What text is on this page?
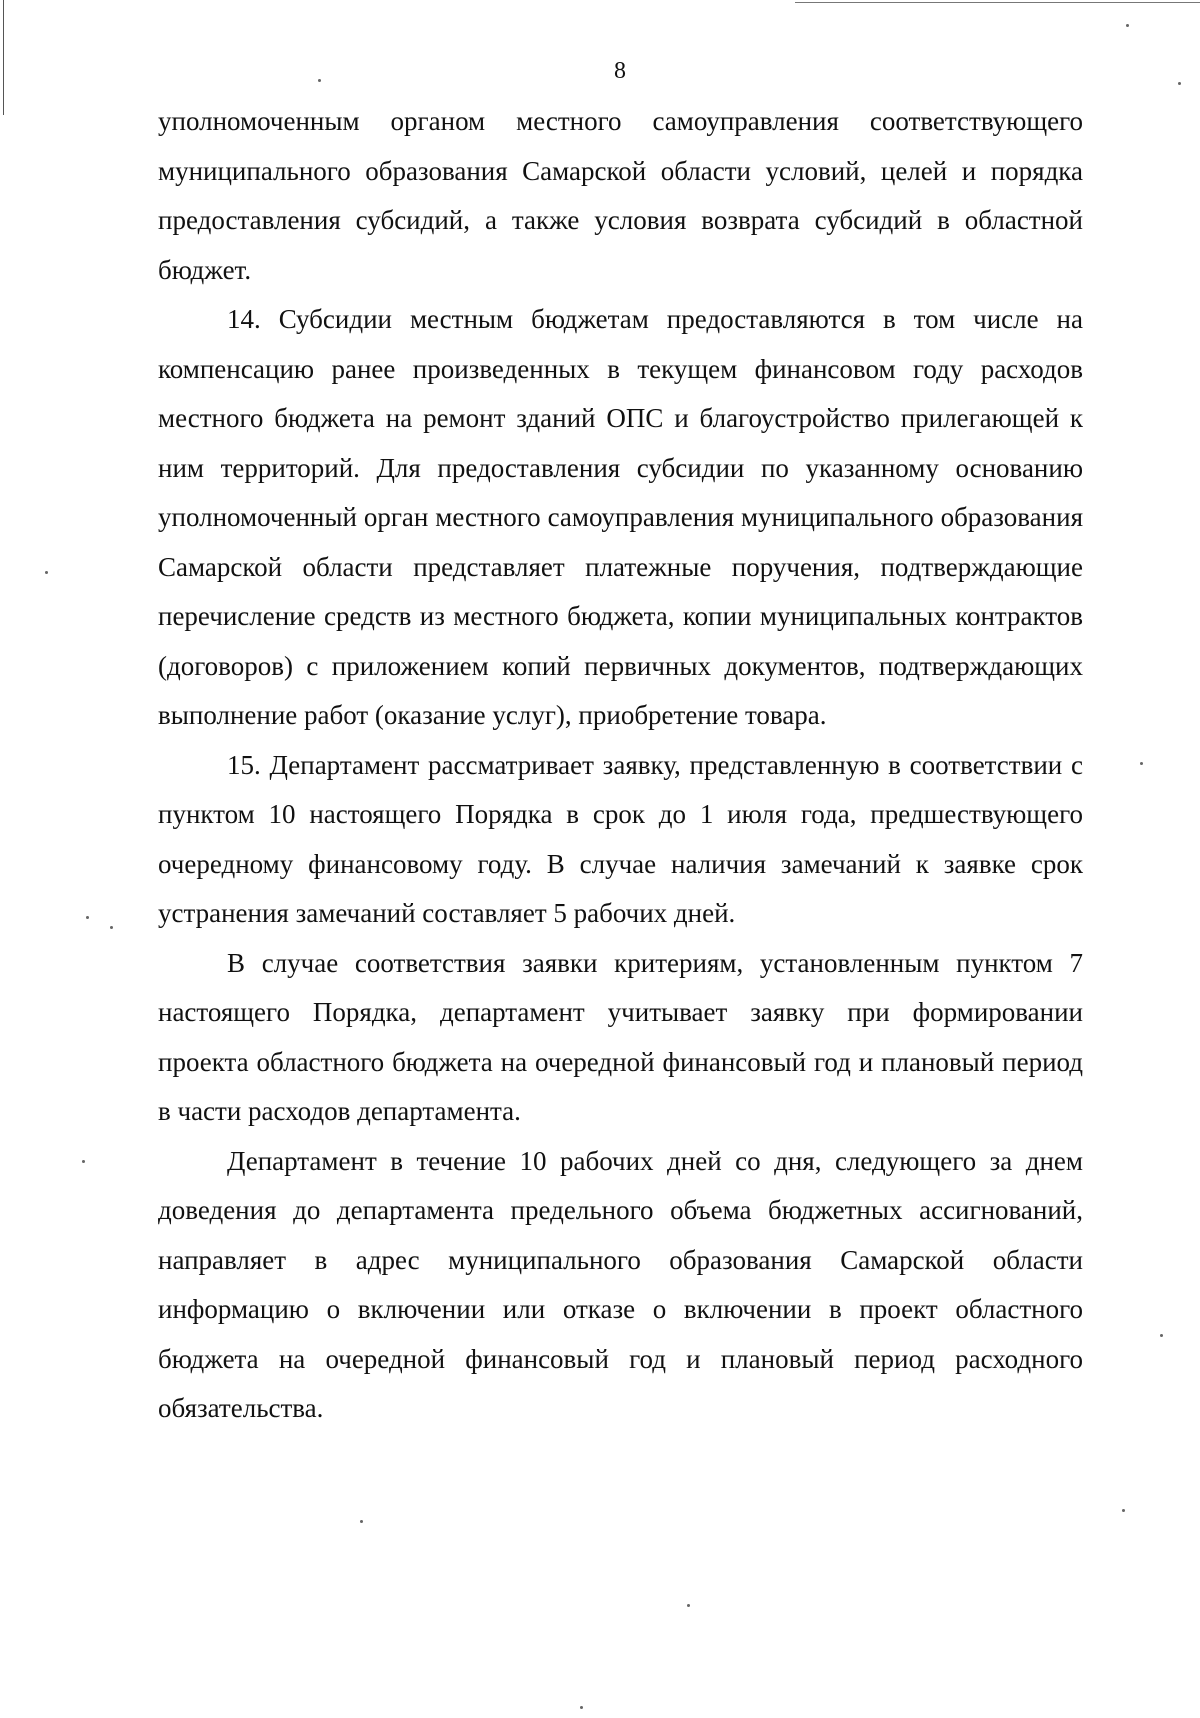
8

уполномоченным органом местного самоуправления соответствующего муниципального образования Самарской области условий, целей и порядка предоставления субсидий, а также условия возврата субсидий в областной бюджет.

14. Субсидии местным бюджетам предоставляются в том числе на компенсацию ранее произведенных в текущем финансовом году расходов местного бюджета на ремонт зданий ОПС и благоустройство прилегающей к ним территорий. Для предоставления субсидии по указанному основанию уполномоченный орган местного самоуправления муниципального образования Самарской области представляет платежные поручения, подтверждающие перечисление средств из местного бюджета, копии муниципальных контрактов (договоров) с приложением копий первичных документов, подтверждающих выполнение работ (оказание услуг), приобретение товара.

15. Департамент рассматривает заявку, представленную в соответствии с пунктом 10 настоящего Порядка в срок до 1 июля года, предшествующего очередному финансовому году. В случае наличия замечаний к заявке срок устранения замечаний составляет 5 рабочих дней.

В случае соответствия заявки критериям, установленным пунктом 7 настоящего Порядка, департамент учитывает заявку при формировании проекта областного бюджета на очередной финансовый год и плановый период в части расходов департамента.

Департамент в течение 10 рабочих дней со дня, следующего за днем доведения до департамента предельного объема бюджетных ассигнований, направляет в адрес муниципального образования Самарской области информацию о включении или отказе о включении в проект областного бюджета на очередной финансовый год и плановый период расходного обязательства.
